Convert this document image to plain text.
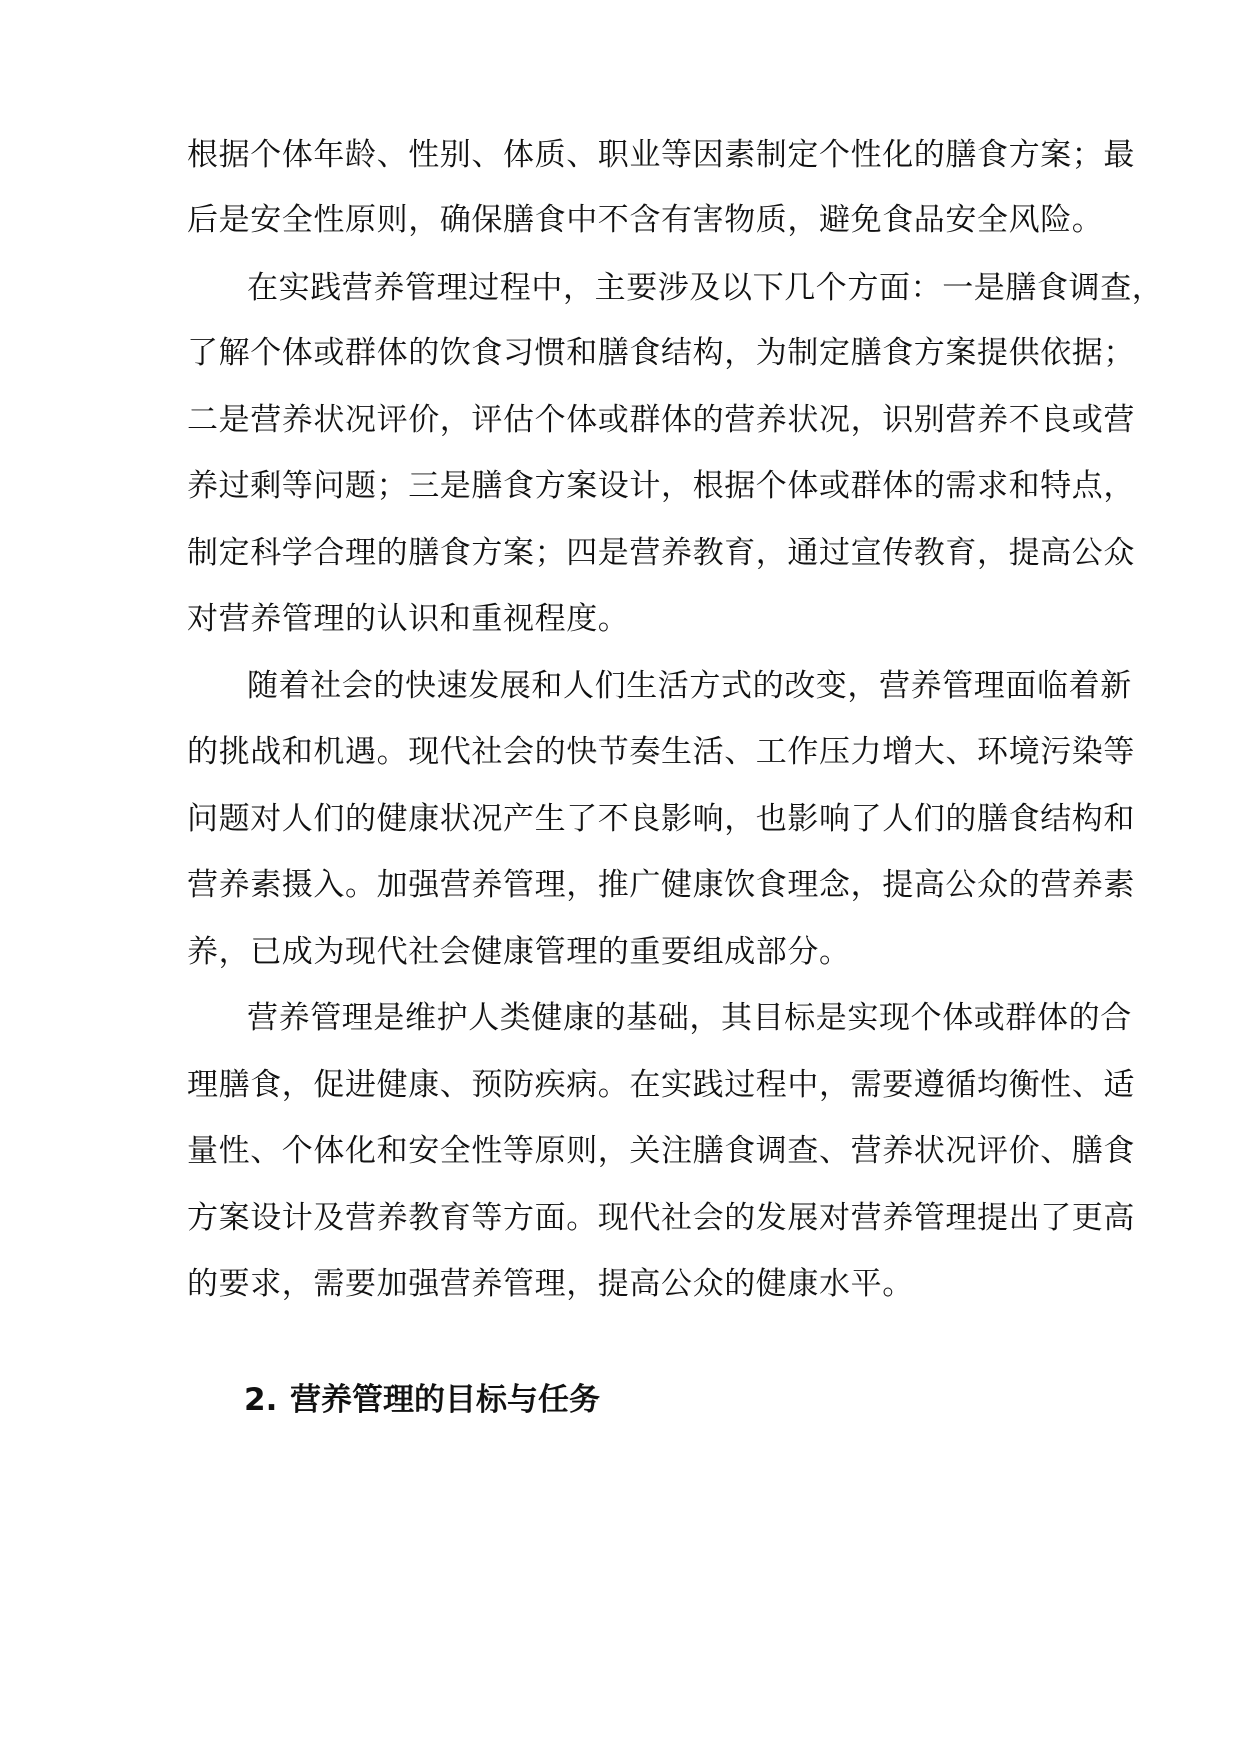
根据个体年龄、性别、体质、职业等因素制定个性化的膳食方案；最
后是安全性原则，确保膳食中不含有害物质，避免食品安全风险。
在实践营养管理过程中，主要涉及以下几个方面：一是膳食调查，
了解个体或群体的饮食习惯和膳食结构，为制定膳食方案提供依据；
二是营养状况评价，评估个体或群体的营养状况，识别营养不良或营
养过剩等问题；三是膳食方案设计，根据个体或群体的需求和特点，
制定科学合理的膳食方案；四是营养教育，通过宣传教育，提高公众
对营养管理的认识和重视程度。
随着社会的快速发展和人们生活方式的改变，营养管理面临着新
的挑战和机遇。现代社会的快节奏生活、工作压力增大、环境污染等
问题对人们的健康状况产生了不良影响，也影响了人们的膳食结构和
营养素摄入。加强营养管理，推广健康饮食理念，提高公众的营养素
养，已成为现代社会健康管理的重要组成部分。
营养管理是维护人类健康的基础，其目标是实现个体或群体的合
理膳食，促进健康、预防疾病。在实践过程中，需要遵循均衡性、适
量性、个体化和安全性等原则，关注膳食调查、营养状况评价、膳食
方案设计及营养教育等方面。现代社会的发展对营养管理提出了更高
的要求，需要加强营养管理，提高公众的健康水平。
2. 营养管理的目标与任务
